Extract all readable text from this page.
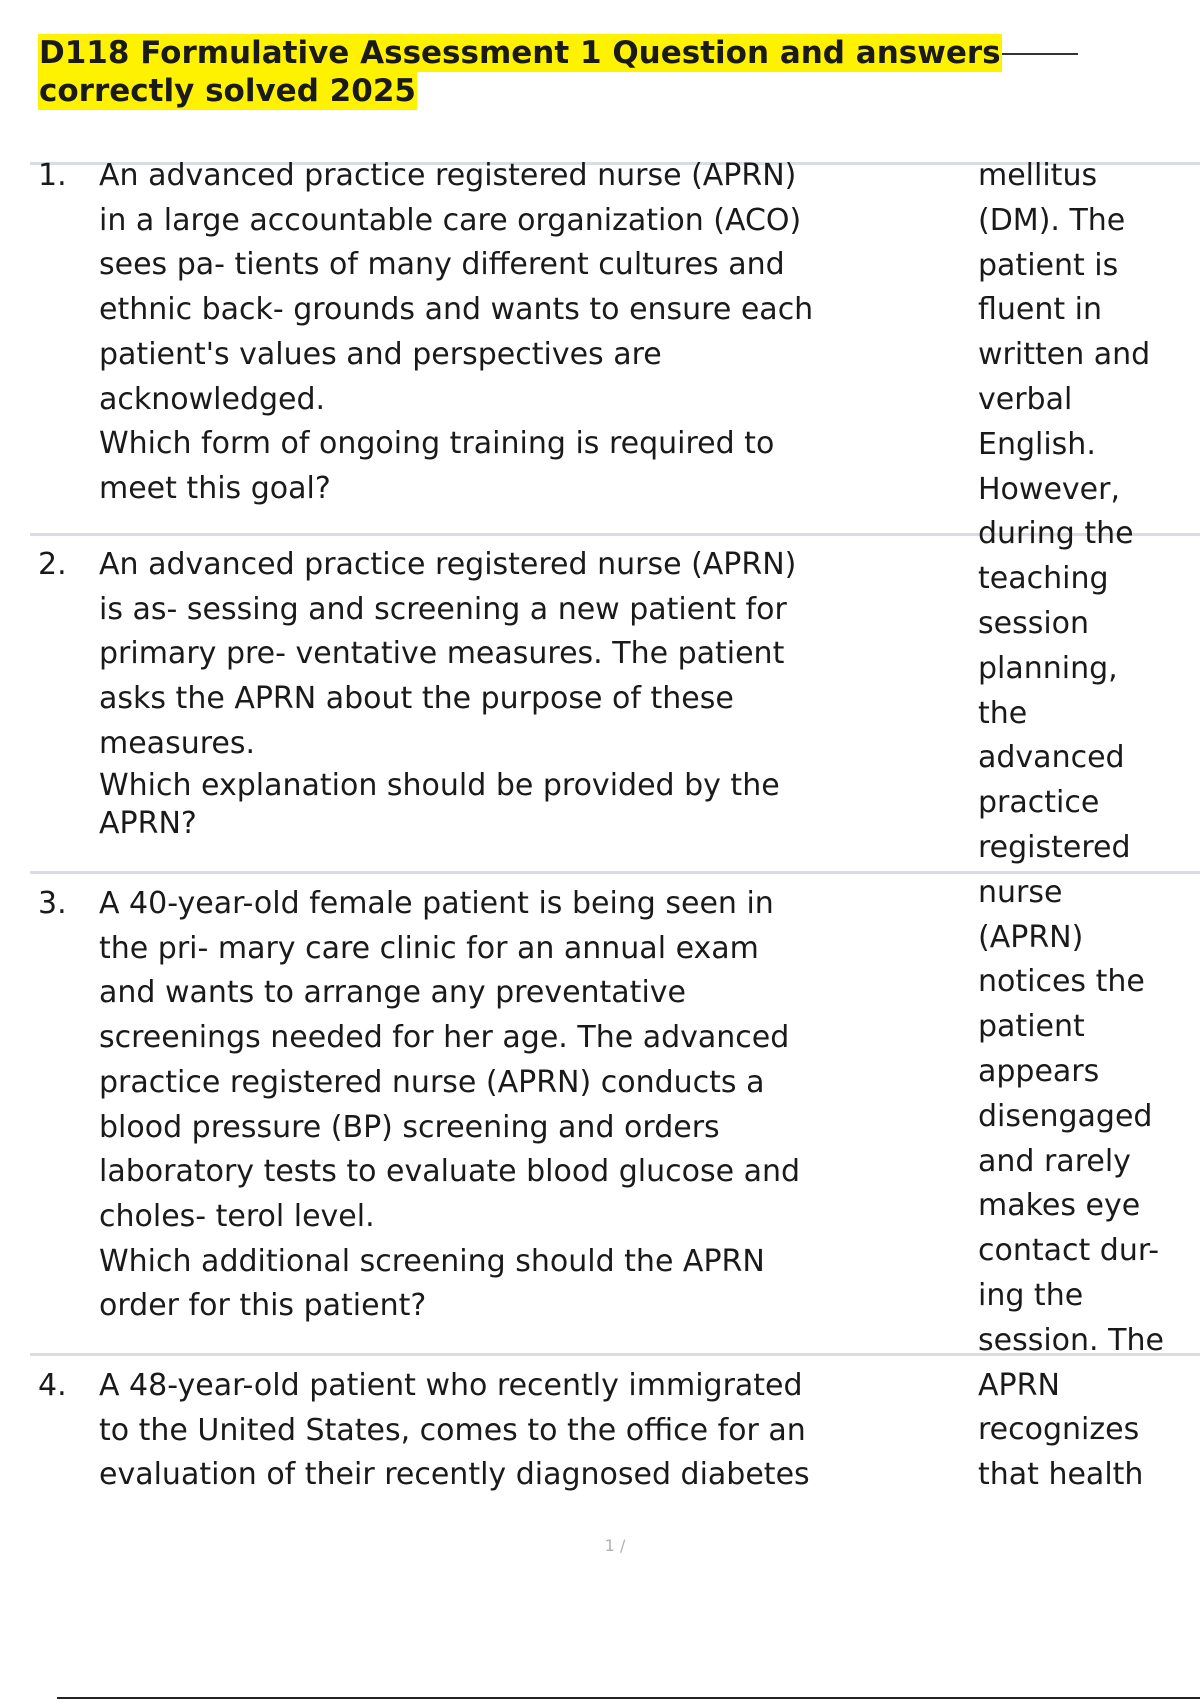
D118 Formulative Assessment 1 Question and answers
correctly solved 2025
1.	An advanced practice registered nurse (APRN)

in a large accountable care organization (ACO)

sees pa- tients of many different cultures and

ethnic back- grounds and wants to ensure each

patient's values and perspectives are

acknowledged.

Which form of ongoing training is required to

meet this goal?

2.	An advanced practice registered nurse (APRN)

is as- sessing and screening a new patient for

primary pre- ventative measures. The patient

asks the APRN about the purpose of these

measures.

Which explanation should be provided by the

APRN?

3.	A 40-year-old female patient is being seen in

the pri- mary care clinic for an annual exam

and wants to arrange any preventative

screenings needed for her age. The advanced

practice registered nurse (APRN) conducts a

blood pressure (BP) screening and orders

laboratory tests to evaluate blood glucose and

choles- terol level.

Which additional screening should the APRN

order for this patient?

4.	A 48-year-old patient who recently immigrated

to the United States, comes to the office for an

evaluation of their recently diagnosed diabetes

mellitus
(DM). The
patient is
fluent in
written and
verbal
English.
However,
during the
teaching
session
planning,
the
advanced
practice
registered
nurse
(APRN)
notices the
patient
appears
disengaged
and rarely
makes eye
contact dur-
ing the
session. The
APRN
recognizes
that health
1 /
